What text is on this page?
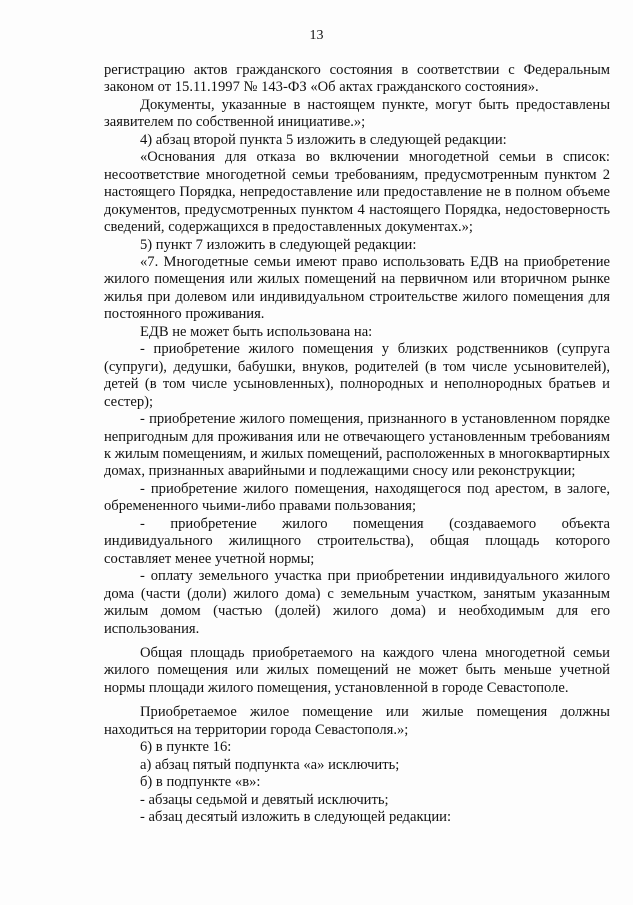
13

регистрацию актов гражданского состояния в соответствии с Федеральным законом от 15.11.1997 № 143-ФЗ «Об актах гражданского состояния».

Документы, указанные в настоящем пункте, могут быть предоставлены заявителем по собственной инициативе.»;

4) абзац второй пункта 5 изложить в следующей редакции:

«Основания для отказа во включении многодетной семьи в список: несоответствие многодетной семьи требованиям, предусмотренным пунктом 2 настоящего Порядка, непредоставление или предоставление не в полном объеме документов, предусмотренных пунктом 4 настоящего Порядка, недостоверность сведений, содержащихся в предоставленных документах.»;

5) пункт 7 изложить в следующей редакции:

«7. Многодетные семьи имеют право использовать ЕДВ на приобретение жилого помещения или жилых помещений на первичном или вторичном рынке жилья при долевом или индивидуальном строительстве жилого помещения для постоянного проживания.

ЕДВ не может быть использована на:

- приобретение жилого помещения у близких родственников (супруга (супруги), дедушки, бабушки, внуков, родителей (в том числе усыновителей), детей (в том числе усыновленных), полнородных и неполнородных братьев и сестер);

- приобретение жилого помещения, признанного в установленном порядке непригодным для проживания или не отвечающего установленным требованиям к жилым помещениям, и жилых помещений, расположенных в многоквартирных домах, признанных аварийными и подлежащими сносу или реконструкции;

- приобретение жилого помещения, находящегося под арестом, в залоге, обремененного чьими-либо правами пользования;

- приобретение жилого помещения (создаваемого объекта индивидуального жилищного строительства), общая площадь которого составляет менее учетной нормы;

- оплату земельного участка при приобретении индивидуального жилого дома (части (доли) жилого дома) с земельным участком, занятым указанным жилым домом (частью (долей) жилого дома) и необходимым для его использования.

Общая площадь приобретаемого на каждого члена многодетной семьи жилого помещения или жилых помещений не может быть меньше учетной нормы площади жилого помещения, установленной в городе Севастополе.

Приобретаемое жилое помещение или жилые помещения должны находиться на территории города Севастополя.»;

6) в пункте 16:

а) абзац пятый подпункта «а» исключить;

б) в подпункте «в»:

- абзацы седьмой и девятый исключить;

- абзац десятый изложить в следующей редакции:
